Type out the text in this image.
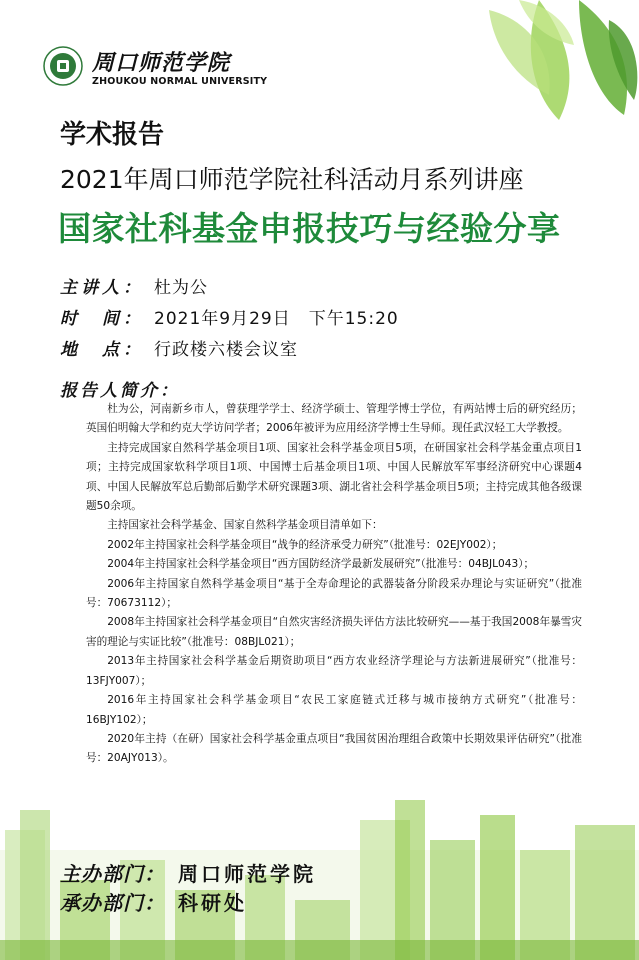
周口师范学院
ZHOUKOU NORMAL UNIVERSITY
学术报告
2021年周口师范学院社科活动月系列讲座
国家社科基金申报技巧与经验分享
主讲人： 杜为公
时　间： 2021年9月29日　下午15:20
地　点： 行政楼六楼会议室
报告人简介：

杜为公，河南新乡市人，曾获理学学士、经济学硕士、管理学博士学位，有两站博士后的研究经历；英国伯明翰大学和约克大学访问学者；2006年被评为应用经济学博士生导师。现任武汉轻工大学教授。

主持完成国家自然科学基金项目1项、国家社会科学基金项目5项，在研国家社会科学基金重点项目1项；主持完成国家软科学项目1项、中国博士后基金项目1项、中国人民解放军军事经济研究中心课题4项、中国人民解放军总后勤部后勤学术研究课题3项、湖北省社会科学基金项目5项；主持完成其他各级课题50余项。

主持国家社会科学基金、国家自然科学基金项目清单如下：

2002年主持国家社会科学基金项目“战争的经济承受力研究”（批准号：02EJY002）；

2004年主持国家社会科学基金项目“西方国防经济学最新发展研究”（批准号：04BJL043）；

2006年主持国家自然科学基金项目“基于全寿命理论的武器装备分阶段采办理论与实证研究”（批准号：70673112）；

2008年主持国家社会科学基金项目“自然灾害经济损失评估方法比较研究——基于我国2008年暴雪灾害的理论与实证比较”（批准号：08BJL021）；

2013年主持国家社会科学基金后期资助项目“西方农业经济学理论与方法新进展研究”（批准号：13FJY007）；

2016年主持国家社会科学基金项目“农民工家庭链式迁移与城市接纳方式研究”（批准号：16BJY102）；

2020年主持（在研）国家社会科学基金重点项目“我国贫困治理组合政策中长期效果评估研究”（批准号：20AJY013）。

主办部门： 周口师范学院
承办部门： 科研处
